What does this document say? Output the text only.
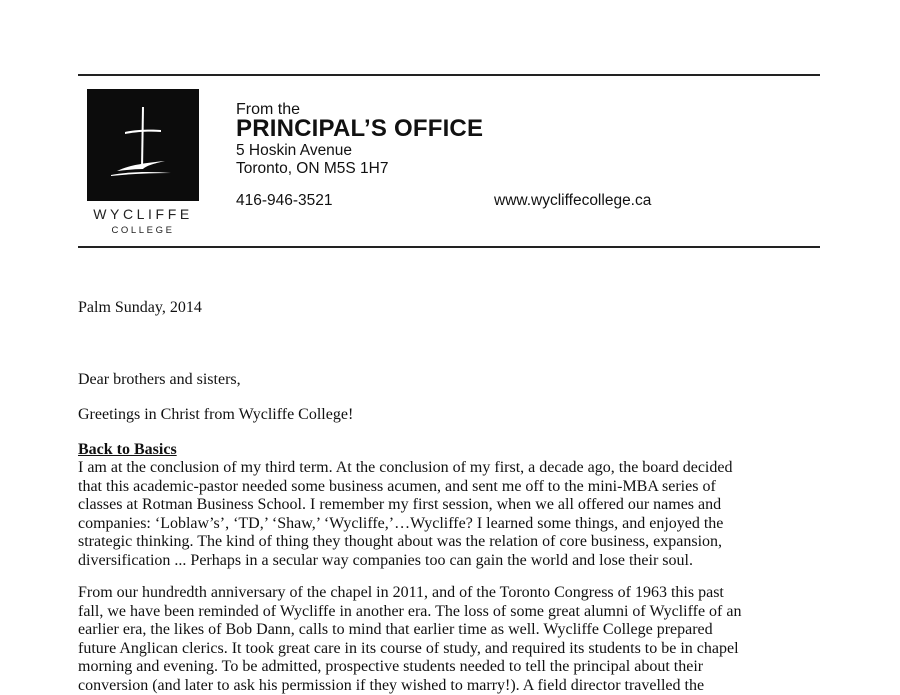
WYCLIFFE
COLLEGE
From the
PRINCIPAL’S OFFICE
5 Hoskin Avenue
Toronto, ON M5S 1H7
416-946-3521	www.wycliffecollege.ca
Palm Sunday, 2014
Dear brothers and sisters,
Greetings in Christ from Wycliffe College!
Back to Basics

I am at the conclusion of my third term. At the conclusion of my first, a decade ago, the board decided

that this academic-pastor needed some business acumen, and sent me off to the mini-MBA series of

classes at Rotman Business School. I remember my first session, when we all offered our names and

companies: ‘Loblaw’s’, ‘TD,’ ‘Shaw,’ ‘Wycliffe,’…Wycliffe? I learned some things, and enjoyed the

strategic thinking. The kind of thing they thought about was the relation of core business, expansion,

diversification ... Perhaps in a secular way companies too can gain the world and lose their soul.

From our hundredth anniversary of the chapel in 2011, and of the Toronto Congress of 1963 this past

fall, we have been reminded of Wycliffe in another era. The loss of some great alumni of Wycliffe of an

earlier era, the likes of Bob Dann, calls to mind that earlier time as well. Wycliffe College prepared

future Anglican clerics. It took great care in its course of study, and required its students to be in chapel

morning and evening. To be admitted, prospective students needed to tell the principal about their

conversion (and later to ask his permission if they wished to marry!). A field director travelled the
